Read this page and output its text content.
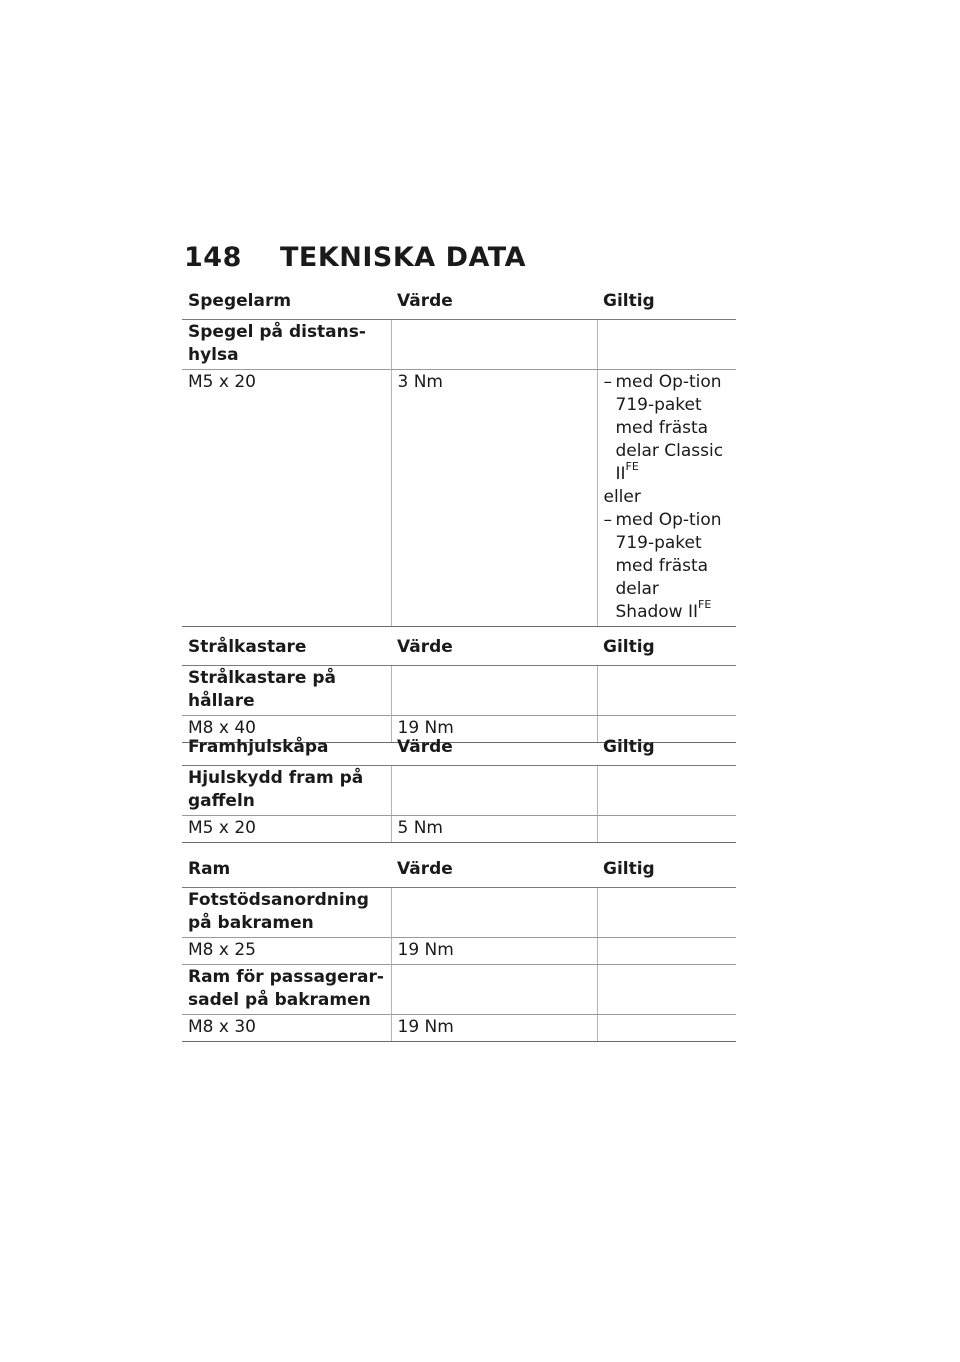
148 TEKNISKA DATA
Spegelarm	Värde	Giltig
Spegel på distans-hylsa		
M5 x 20	3 Nm	– med Op-tion 719-paket med frästa delar Classic $II^{FE}$
eller
– med Op-tion 719-paket med frästa delar Shadow $II^{FE}$
Strålkastare	Värde	Giltig
Strålkastare på hållare		
M8 x 40	19 Nm	
Framhjulskåpa	Värde	Giltig
Hjulskydd fram på gaffeln		
M5 x 20	5 Nm	
Ram	Värde	Giltig
Fotstödsanordning på bakramen		
M8 x 25	19 Nm	
Ram för passagerar-sadel på bakramen		
M8 x 30	19 Nm	
